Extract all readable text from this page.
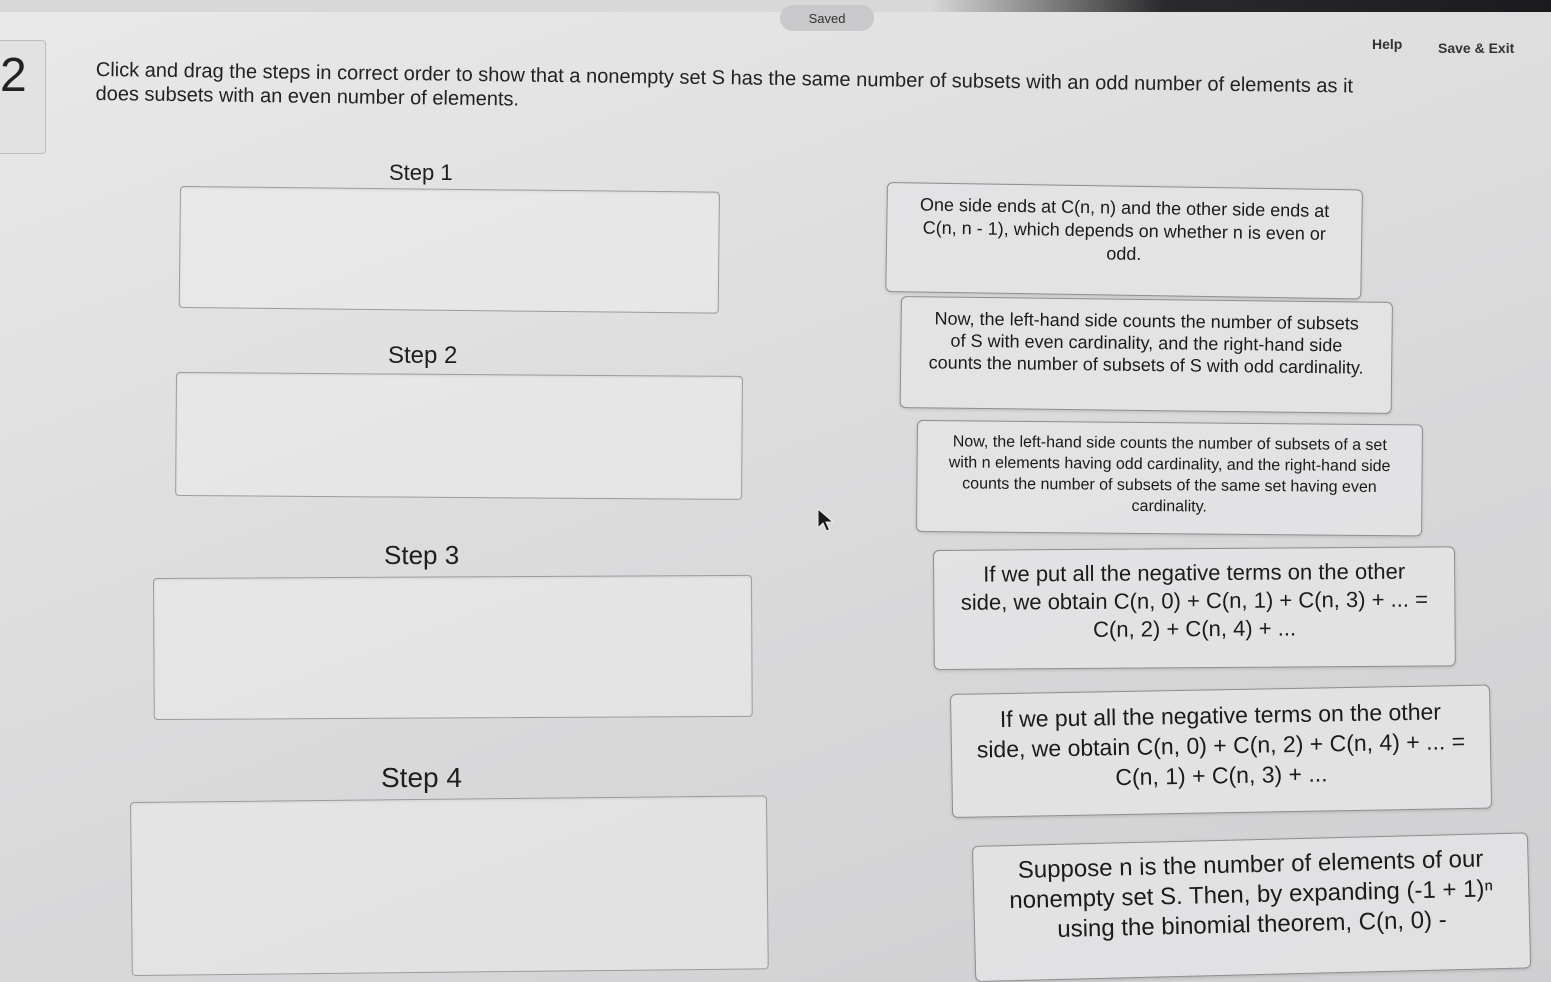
Saved
Help	Save & Exit
2	Click and drag the steps in correct order to show that a nonempty set S has the same number of subsets with an odd number of elements as it does subsets with an even number of elements.
Step 1
Step 2
Step 3
Step 4
One side ends at C(n, n) and the other side ends at C(n, n - 1), which depends on whether n is even or odd.
Now, the left-hand side counts the number of subsets of S with even cardinality, and the right-hand side counts the number of subsets of S with odd cardinality.
Now, the left-hand side counts the number of subsets of a set with n elements having odd cardinality, and the right-hand side counts the number of subsets of the same set having even cardinality.
If we put all the negative terms on the other side, we obtain C(n, 0) + C(n, 1) + C(n, 3) + ... = C(n, 2) + C(n, 4) + ...
If we put all the negative terms on the other side, we obtain C(n, 0) + C(n, 2) + C(n, 4) + ... = C(n, 1) + C(n, 3) + ...
Suppose n is the number of elements of our nonempty set S. Then, by expanding (-1 + 1)ⁿ using the binomial theorem, C(n, 0) -
